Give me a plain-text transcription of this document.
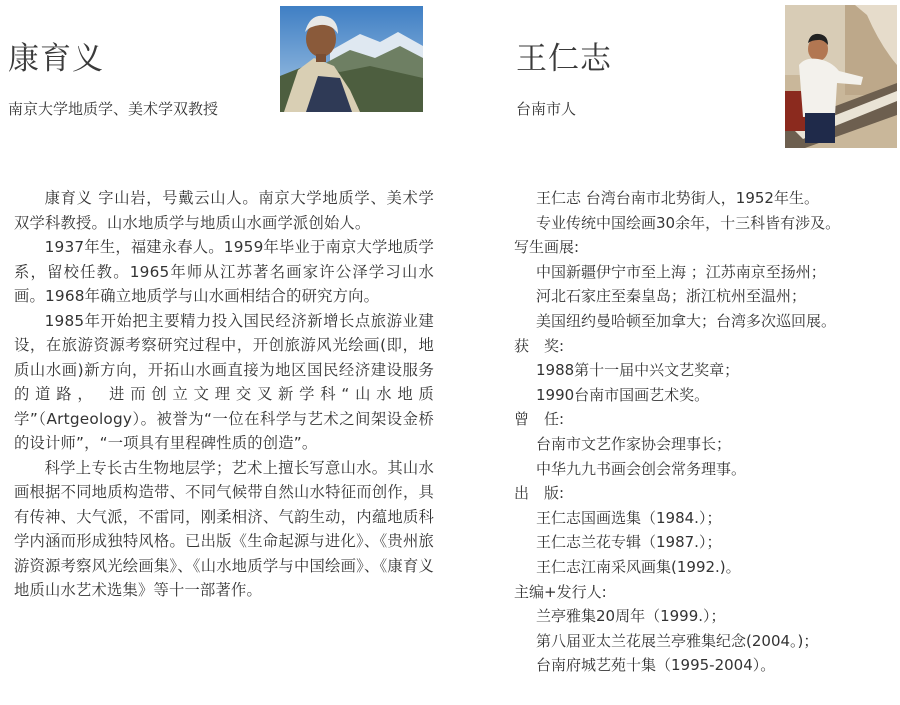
康育义
南京大学地质学、美术学双教授

康育义 字山岩，号戴云山人。南京大学地质学、美术学双学科教授。山水地质学与地质山水画学派创始人。

1937年生，福建永春人。1959年毕业于南京大学地质学系，留校任教。1965年师从江苏著名画家许公泽学习山水画。1968年确立地质学与山水画相结合的研究方向。

1985年开始把主要精力投入国民经济新增长点旅游业建设，在旅游资源考察研究过程中，开创旅游风光绘画(即，地质山水画)新方向，开拓山水画直接为地区国民经济建设服务的道路， 进而创立文理交叉新学科“山水地质学”（Artgeology）。被誉为“一位在科学与艺术之间架设金桥的设计师”，“一项具有里程碑性质的创造”。

科学上专长古生物地层学；艺术上擅长写意山水。其山水画根据不同地质构造带、不同气候带自然山水特征而创作，具有传神、大气派，不雷同，刚柔相济、气韵生动，内蕴地质科学内涵而形成独特风格。已出版《生命起源与进化》、《贵州旅游资源考察风光绘画集》、《山水地质学与中国绘画》、《康育义地质山水艺术选集》等十一部著作。

王仁志
台南市人
王仁志 台湾台南市北势街人，1952年生。
专业传统中国绘画30余年，十三科皆有涉及。
写生画展:
中国新疆伊宁市至上海 ；江苏南京至扬州；
河北石家庄至秦皇岛；浙江杭州至温州；
美国纽约曼哈顿至加拿大；台湾多次巡回展。
获　奖:
1988第十一届中兴文艺奖章；
1990台南市国画艺术奖。
曾　任:
台南市文艺作家协会理事长；
中华九九书画会创会常务理事。
出　版:
王仁志国画选集（1984.）；
王仁志兰花专辑（1987.）；
王仁志江南采风画集(1992.)。
主编+发行人:
兰亭雅集20周年（1999.）；
第八届亚太兰花展兰亭雅集纪念(2004。)；
台南府城艺苑十集（1995-2004）。
